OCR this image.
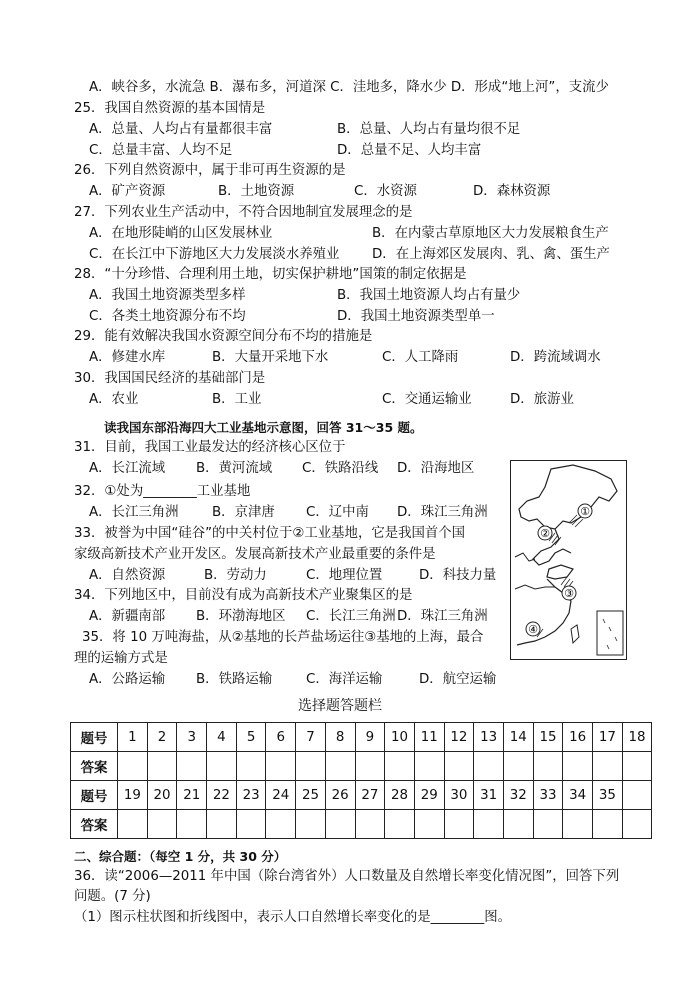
A．峡谷多，水流急 B．瀑布多，河道深 C．洼地多，降水少 D．形成“地上河”，支流少
25．我国自然资源的基本国情是
A．总量、人均占有量都很丰富	B．总量、人均占有量均很不足
C．总量丰富、人均不足	D．总量不足、人均丰富
26．下列自然资源中，属于非可再生资源的是
A．矿产资源	B．土地资源	C．水资源	D．森林资源
27．下列农业生产活动中，不符合因地制宜发展理念的是
A．在地形陡峭的山区发展林业	B．在内蒙古草原地区大力发展粮食生产
C．在长江中下游地区大力发展淡水养殖业 D．在上海郊区发展肉、乳、禽、蛋生产
28．“十分珍惜、合理利用土地，切实保护耕地”国策的制定依据是
A．我国土地资源类型多样	B．我国土地资源人均占有量少
C．各类土地资源分布不均	D．我国土地资源类型单一
29．能有效解决我国水资源空间分布不均的措施是
A．修建水库	B．大量开采地下水	C．人工降雨	D．跨流域调水
30．我国国民经济的基础部门是
A．农业	B．工业	C．交通运输业	D．旅游业
读我国东部沿海四大工业基地示意图，回答 31～35 题。
31．目前，我国工业最发达的经济核心区位于
A．长江流域 B．黄河流域 C．铁路沿线 D．沿海地区
32．①处为________工业基地
A．长江三角洲 B．京津唐 C．辽中南 D．珠江三角洲
33．被誉为中国“硅谷”的中关村位于②工业基地，它是我国首个国
家级高新技术产业开发区。发展高新技术产业最重要的条件是
A．自然资源	B．劳动力	C．地理位置	D．科技力量
34．下列地区中，目前没有成为高新技术产业聚集区的是
A．新疆南部 B．环渤海地区 C．长江三角洲 D．珠江三角洲
35．将 10 万吨海盐，从②基地的长芦盐场运往③基地的上海，最合
理的运输方式是
A．公路运输 B．铁路运输	C．海洋运输	D．航空运输
①
②
③
④
选择题答题栏
题号	1	2	3	4	5	6	7	8	9	10	11	12	13	14	15	16	17	18
答案																		
题号	19	20	21	22	23	24	25	26	27	28	29	30	31	32	33	34	35	
答案																		
二、综合题：（每空 1 分，共 30 分）
36．读“2006—2011 年中国（除台湾省外）人口数量及自然增长率变化情况图”，回答下列
问题。(7 分)
（1）图示柱状图和折线图中，表示人口自然增长率变化的是________图。
